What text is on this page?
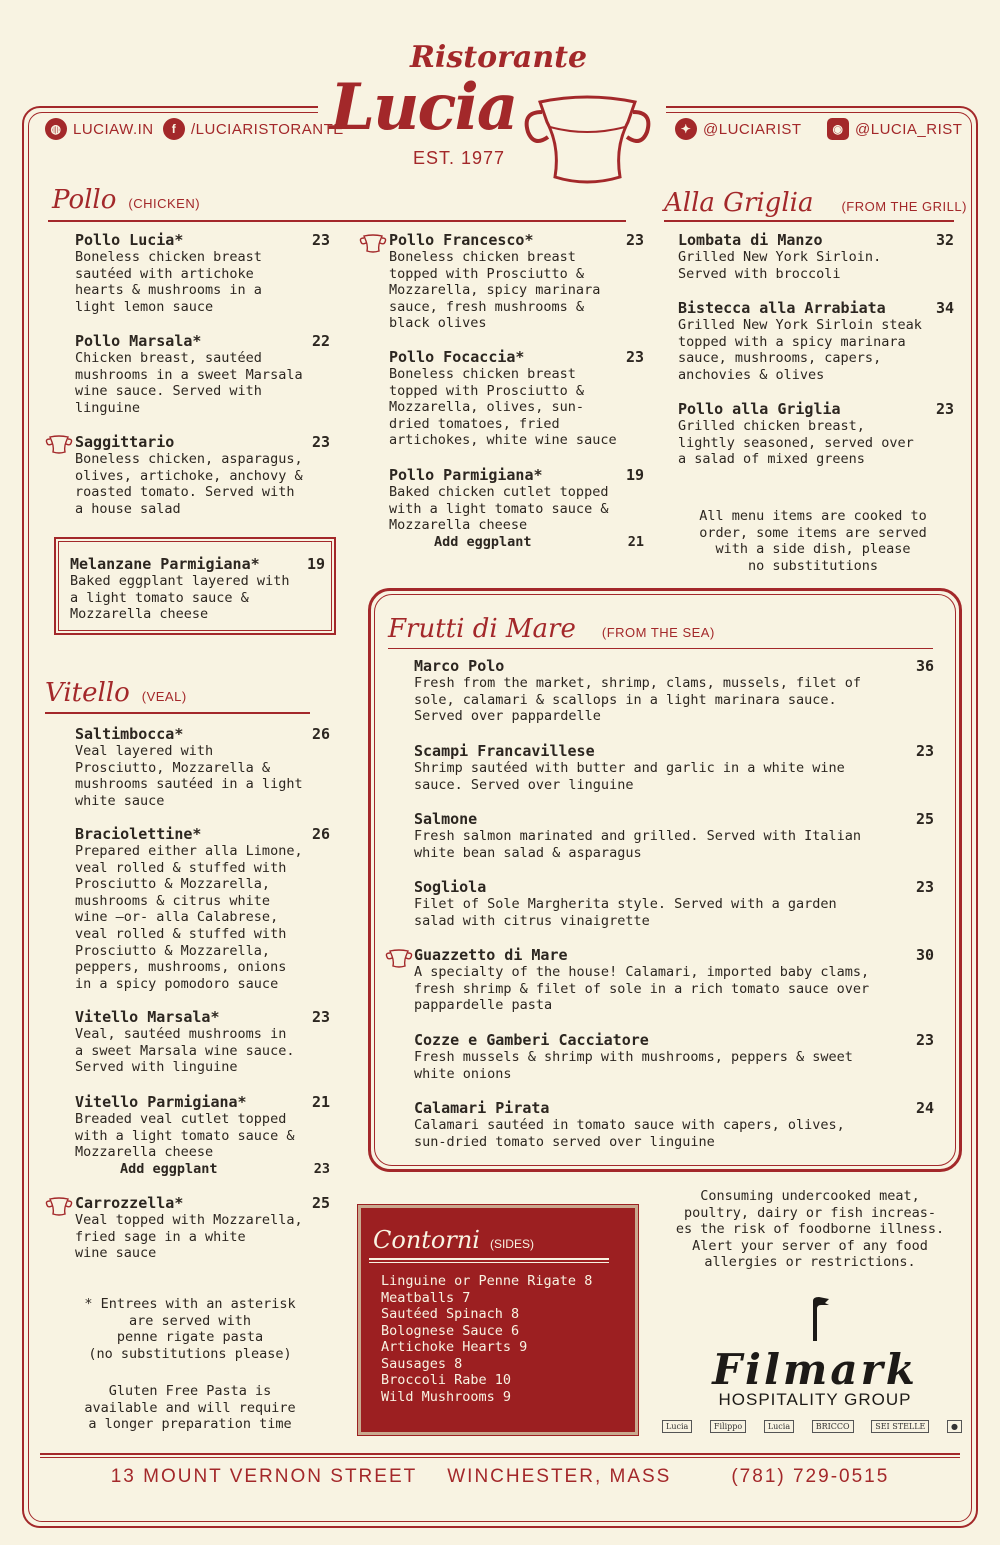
Ristorante
Lucia
EST. 1977
◍ LUCIAW.IN	f /LUCIARISTORANTE	✦ @LUCIARIST	◉ @LUCIA_RIST
Pollo (CHICKEN)
Pollo Lucia*	23
Boneless chicken breast
sautéed with artichoke
hearts & mushrooms in a
light lemon sauce
Pollo Marsala*	22
Chicken breast, sautéed
mushrooms in a sweet Marsala
wine sauce. Served with
linguine
Saggittario	23
Boneless chicken, asparagus,
olives, artichoke, anchovy &
roasted tomato. Served with
a house salad
Pollo Francesco*	23
Boneless chicken breast
topped with Prosciutto &
Mozzarella, spicy marinara
sauce, fresh mushrooms &
black olives
Pollo Focaccia*	23
Boneless chicken breast
topped with Prosciutto &
Mozzarella, olives, sun-
dried tomatoes, fried
artichokes, white wine sauce
Pollo Parmigiana*	19
Baked chicken cutlet topped
with a light tomato sauce &
Mozzarella cheese
Add eggplant	21
Melanzane Parmigiana*	19
Baked eggplant layered with
a light tomato sauce &
Mozzarella cheese
Alla Griglia (FROM THE GRILL)
Lombata di Manzo	32
Grilled New York Sirloin.
Served with broccoli
Bistecca alla Arrabiata	34
Grilled New York Sirloin steak
topped with a spicy marinara
sauce, mushrooms, capers,
anchovies & olives
Pollo alla Griglia	23
Grilled chicken breast,
lightly seasoned, served over
a salad of mixed greens
All menu items are cooked to
order, some items are served
with a side dish, please
no substitutions
Vitello (VEAL)
Saltimbocca*	26
Veal layered with
Prosciutto, Mozzarella &
mushrooms sautéed in a light
white sauce
Braciolettine*	26
Prepared either alla Limone,
veal rolled & stuffed with
Prosciutto & Mozzarella,
mushrooms & citrus white
wine —or- alla Calabrese,
veal rolled & stuffed with
Prosciutto & Mozzarella,
peppers, mushrooms, onions
in a spicy pomodoro sauce
Vitello Marsala*	23
Veal, sautéed mushrooms in
a sweet Marsala wine sauce.
Served with linguine
Vitello Parmigiana*	21
Breaded veal cutlet topped
with a light tomato sauce &
Mozzarella cheese
Add eggplant	23
Carrozzella*	25
Veal topped with Mozzarella,
fried sage in a white
wine sauce
* Entrees with an asterisk
are served with
penne rigate pasta
(no substitutions please)
Gluten Free Pasta is
available and will require
a longer preparation time
Frutti di Mare (FROM THE SEA)
Marco Polo	36
Fresh from the market, shrimp, clams, mussels, filet of
sole, calamari & scallops in a light marinara sauce.
Served over pappardelle
Scampi Francavillese	23
Shrimp sautéed with butter and garlic in a white wine
sauce. Served over linguine
Salmone	25
Fresh salmon marinated and grilled. Served with Italian
white bean salad & asparagus
Sogliola	23
Filet of Sole Margherita style. Served with a garden
salad with citrus vinaigrette
Guazzetto di Mare	30
A specialty of the house! Calamari, imported baby clams,
fresh shrimp & filet of sole in a rich tomato sauce over
pappardelle pasta
Cozze e Gamberi Cacciatore	23
Fresh mussels & shrimp with mushrooms, peppers & sweet
white onions
Calamari Pirata	24
Calamari sautéed in tomato sauce with capers, olives,
sun-dried tomato served over linguine
Contorni (SIDES)
Linguine or Penne Rigate 8
Meatballs 7
Sautéed Spinach 8
Bolognese Sauce 6
Artichoke Hearts 9
Sausages 8
Broccoli Rabe 10
Wild Mushrooms 9
Consuming undercooked meat,
poultry, dairy or fish increas-
es the risk of foodborne illness.
Alert your server of any food
allergies or restrictions.
Filmark
HOSPITALITY GROUP
Lucia	Filippo	Lucia	BRICCO	SEI STELLE	●
13 MOUNT VERNON STREET WINCHESTER, MASS	(781) 729-0515
